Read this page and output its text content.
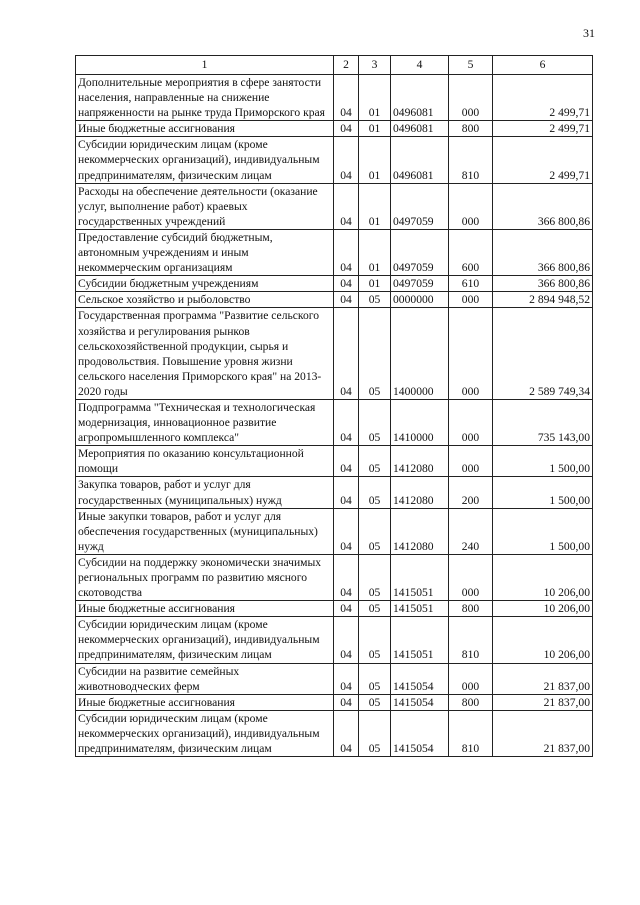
31
1	2	3	4	5	6
Дополнительные мероприятия в сфере занятости населения, направленные на снижение напряженности на рынке труда Приморского края	04	01	0496081	000	2 499,71
Иные бюджетные ассигнования	04	01	0496081	800	2 499,71
Субсидии юридическим лицам (кроме некоммерческих организаций), индивидуальным предпринимателям, физическим лицам	04	01	0496081	810	2 499,71
Расходы на обеспечение деятельности (оказание услуг, выполнение работ) краевых государственных учреждений	04	01	0497059	000	366 800,86
Предоставление субсидий бюджетным, автономным учреждениям и иным некоммерческим организациям	04	01	0497059	600	366 800,86
Субсидии бюджетным учреждениям	04	01	0497059	610	366 800,86
Сельское хозяйство и рыболовство	04	05	0000000	000	2 894 948,52
Государственная программа "Развитие сельского хозяйства и регулирования рынков сельскохозяйственной продукции, сырья и продовольствия. Повышение уровня жизни сельского населения Приморского края" на 2013-2020 годы	04	05	1400000	000	2 589 749,34
Подпрограмма "Техническая и технологическая модернизация, инновационное развитие агропромышленного комплекса"	04	05	1410000	000	735 143,00
Мероприятия по оказанию консультационной помощи	04	05	1412080	000	1 500,00
Закупка товаров, работ и услуг для государственных (муниципальных) нужд	04	05	1412080	200	1 500,00
Иные закупки товаров, работ и услуг для обеспечения государственных (муниципальных) нужд	04	05	1412080	240	1 500,00
Субсидии на поддержку экономически значимых региональных программ по развитию мясного скотоводства	04	05	1415051	000	10 206,00
Иные бюджетные ассигнования	04	05	1415051	800	10 206,00
Субсидии юридическим лицам (кроме некоммерческих организаций), индивидуальным предпринимателям, физическим лицам	04	05	1415051	810	10 206,00
Субсидии на развитие семейных животноводческих ферм	04	05	1415054	000	21 837,00
Иные бюджетные ассигнования	04	05	1415054	800	21 837,00
Субсидии юридическим лицам (кроме некоммерческих организаций), индивидуальным предпринимателям, физическим лицам	04	05	1415054	810	21 837,00
